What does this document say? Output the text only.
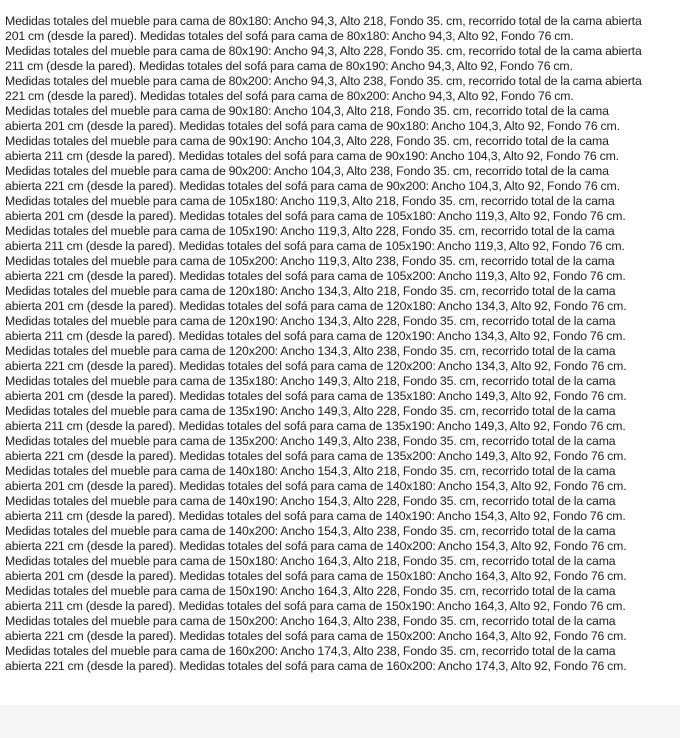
Medidas totales del mueble para cama de 80x180: Ancho 94,3, Alto 218, Fondo 35. cm, recorrido total de la cama abierta
201 cm (desde la pared). Medidas totales del sofá para cama de 80x180: Ancho 94,3, Alto 92, Fondo 76 cm.
Medidas totales del mueble para cama de 80x190: Ancho 94,3, Alto 228, Fondo 35. cm, recorrido total de la cama abierta
211 cm (desde la pared). Medidas totales del sofá para cama de 80x190: Ancho 94,3, Alto 92, Fondo 76 cm.
Medidas totales del mueble para cama de 80x200: Ancho 94,3, Alto 238, Fondo 35. cm, recorrido total de la cama abierta
221 cm (desde la pared). Medidas totales del sofá para cama de 80x200: Ancho 94,3, Alto 92, Fondo 76 cm.
Medidas totales del mueble para cama de 90x180: Ancho 104,3, Alto 218, Fondo 35. cm, recorrido total de la cama
abierta 201 cm (desde la pared). Medidas totales del sofá para cama de 90x180: Ancho 104,3, Alto 92, Fondo 76 cm.
Medidas totales del mueble para cama de 90x190: Ancho 104,3, Alto 228, Fondo 35. cm, recorrido total de la cama
abierta 211 cm (desde la pared). Medidas totales del sofá para cama de 90x190: Ancho 104,3, Alto 92, Fondo 76 cm.
Medidas totales del mueble para cama de 90x200: Ancho 104,3, Alto 238, Fondo 35. cm, recorrido total de la cama
abierta 221 cm (desde la pared). Medidas totales del sofá para cama de 90x200: Ancho 104,3, Alto 92, Fondo 76 cm.
Medidas totales del mueble para cama de 105x180: Ancho 119,3, Alto 218, Fondo 35. cm, recorrido total de la cama
abierta 201 cm (desde la pared). Medidas totales del sofá para cama de 105x180: Ancho 119,3, Alto 92, Fondo 76 cm.
Medidas totales del mueble para cama de 105x190: Ancho 119,3, Alto 228, Fondo 35. cm, recorrido total de la cama
abierta 211 cm (desde la pared). Medidas totales del sofá para cama de 105x190: Ancho 119,3, Alto 92, Fondo 76 cm.
Medidas totales del mueble para cama de 105x200: Ancho 119,3, Alto 238, Fondo 35. cm, recorrido total de la cama
abierta 221 cm (desde la pared). Medidas totales del sofá para cama de 105x200: Ancho 119,3, Alto 92, Fondo 76 cm.
Medidas totales del mueble para cama de 120x180: Ancho 134,3, Alto 218, Fondo 35. cm, recorrido total de la cama
abierta 201 cm (desde la pared). Medidas totales del sofá para cama de 120x180: Ancho 134,3, Alto 92, Fondo 76 cm.
Medidas totales del mueble para cama de 120x190: Ancho 134,3, Alto 228, Fondo 35. cm, recorrido total de la cama
abierta 211 cm (desde la pared). Medidas totales del sofá para cama de 120x190: Ancho 134,3, Alto 92, Fondo 76 cm.
Medidas totales del mueble para cama de 120x200: Ancho 134,3, Alto 238, Fondo 35. cm, recorrido total de la cama
abierta 221 cm (desde la pared). Medidas totales del sofá para cama de 120x200: Ancho 134,3, Alto 92, Fondo 76 cm.
Medidas totales del mueble para cama de 135x180: Ancho 149,3, Alto 218, Fondo 35. cm, recorrido total de la cama
abierta 201 cm (desde la pared). Medidas totales del sofá para cama de 135x180: Ancho 149,3, Alto 92, Fondo 76 cm.
Medidas totales del mueble para cama de 135x190: Ancho 149,3, Alto 228, Fondo 35. cm, recorrido total de la cama
abierta 211 cm (desde la pared). Medidas totales del sofá para cama de 135x190: Ancho 149,3, Alto 92, Fondo 76 cm.
Medidas totales del mueble para cama de 135x200: Ancho 149,3, Alto 238, Fondo 35. cm, recorrido total de la cama
abierta 221 cm (desde la pared). Medidas totales del sofá para cama de 135x200: Ancho 149,3, Alto 92, Fondo 76 cm.
Medidas totales del mueble para cama de 140x180: Ancho 154,3, Alto 218, Fondo 35. cm, recorrido total de la cama
abierta 201 cm (desde la pared). Medidas totales del sofá para cama de 140x180: Ancho 154,3, Alto 92, Fondo 76 cm.
Medidas totales del mueble para cama de 140x190: Ancho 154,3, Alto 228, Fondo 35. cm, recorrido total de la cama
abierta 211 cm (desde la pared). Medidas totales del sofá para cama de 140x190: Ancho 154,3, Alto 92, Fondo 76 cm.
Medidas totales del mueble para cama de 140x200: Ancho 154,3, Alto 238, Fondo 35. cm, recorrido total de la cama
abierta 221 cm (desde la pared). Medidas totales del sofá para cama de 140x200: Ancho 154,3, Alto 92, Fondo 76 cm.
Medidas totales del mueble para cama de 150x180: Ancho 164,3, Alto 218, Fondo 35. cm, recorrido total de la cama
abierta 201 cm (desde la pared). Medidas totales del sofá para cama de 150x180: Ancho 164,3, Alto 92, Fondo 76 cm.
Medidas totales del mueble para cama de 150x190: Ancho 164,3, Alto 228, Fondo 35. cm, recorrido total de la cama
abierta 211 cm (desde la pared). Medidas totales del sofá para cama de 150x190: Ancho 164,3, Alto 92, Fondo 76 cm.
Medidas totales del mueble para cama de 150x200: Ancho 164,3, Alto 238, Fondo 35. cm, recorrido total de la cama
abierta 221 cm (desde la pared). Medidas totales del sofá para cama de 150x200: Ancho 164,3, Alto 92, Fondo 76 cm.
Medidas totales del mueble para cama de 160x200: Ancho 174,3, Alto 238, Fondo 35. cm, recorrido total de la cama
abierta 221 cm (desde la pared). Medidas totales del sofá para cama de 160x200: Ancho 174,3, Alto 92, Fondo 76 cm.
